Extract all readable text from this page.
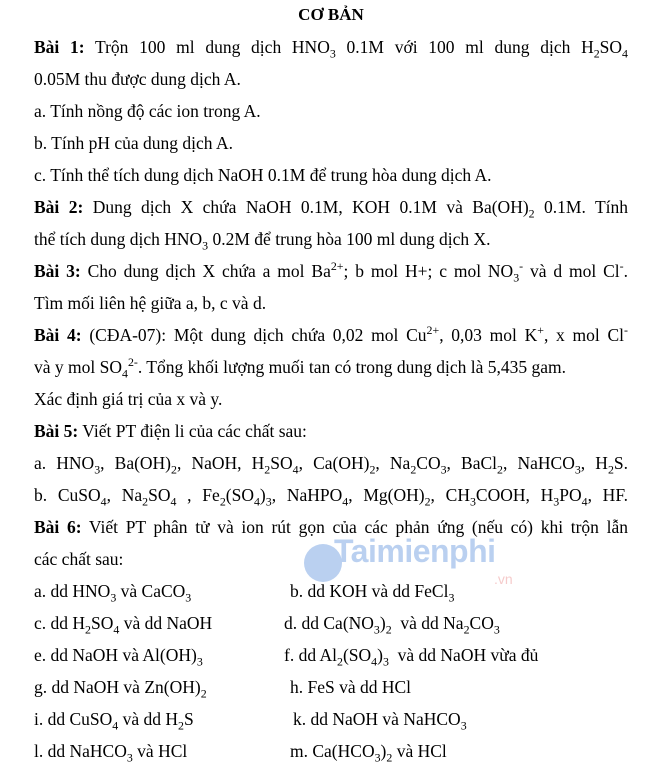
Taimienphi
.vn
CƠ BẢN
Bài 1: Trộn 100 ml dung dịch $HNO_3$ 0.1M với 100 ml dung dịch $H_2SO_4$
0.05M thu được dung dịch A.
a. Tính nồng độ các ion trong A.
b. Tính pH của dung dịch A.
c. Tính thể tích dung dịch NaOH 0.1M để trung hòa dung dịch A.
Bài 2: Dung dịch X chứa NaOH 0.1M, KOH 0.1M và $Ba(OH)_2$ 0.1M. Tính
thể tích dung dịch $HNO_3$ 0.2M để trung hòa 100 ml dung dịch X.
Bài 3: Cho dung dịch X chứa a mol $Ba^{2+}$; b mol H+; c mol $NO_3^-$ và d mol Cl-.
Tìm mối liên hệ giữa a, b, c và d.
Bài 4: (CĐA-07): Một dung dịch chứa 0,02 mol $Cu^{2+}$, 0,03 mol K+, x mol Cl-
và y mol $SO_4^{2-}$. Tổng khối lượng muối tan có trong dung dịch là 5,435 gam.
Xác định giá trị của x và y.
Bài 5: Viết PT điện li của các chất sau:
a. $HNO_3$, $Ba(OH)_2$, NaOH, $H_2SO_4$, $Ca(OH)_2$, $Na_2CO_3$, BaCl$_2$, NaHCO$_3$, $H_2S$.
b. CuSO$_4$, $Na_2SO_4$ , $Fe_2(SO_4)_3$, NaHPO$_4$, $Mg(OH)_2$, $CH_3COOH$, $H_3PO_4$, HF.
Bài 6: Viết PT phân tử và ion rút gọn của các phản ứng (nếu có) khi trộn lẫn
các chất sau:
a. dd $HNO_3$ và CaCO$_3$	b. dd KOH và dd FeCl$_3$
c. dd $H_2SO_4$ và dd NaOH	d. dd $Ca(NO_3)_2$  và dd $Na_2CO_3$
e. dd NaOH và $Al(OH)_3$	f. dd $Al_2(SO_4)_3$  và dd NaOH vừa đủ
g. dd NaOH và $Zn(OH)_2$	h. FeS và dd HCl
i. dd CuSO$_4$ và dd $H_2S$	k. dd NaOH và NaHCO$_3$
l. dd NaHCO$_3$ và HCl	m. $Ca(HCO_3)_2$ và HCl
